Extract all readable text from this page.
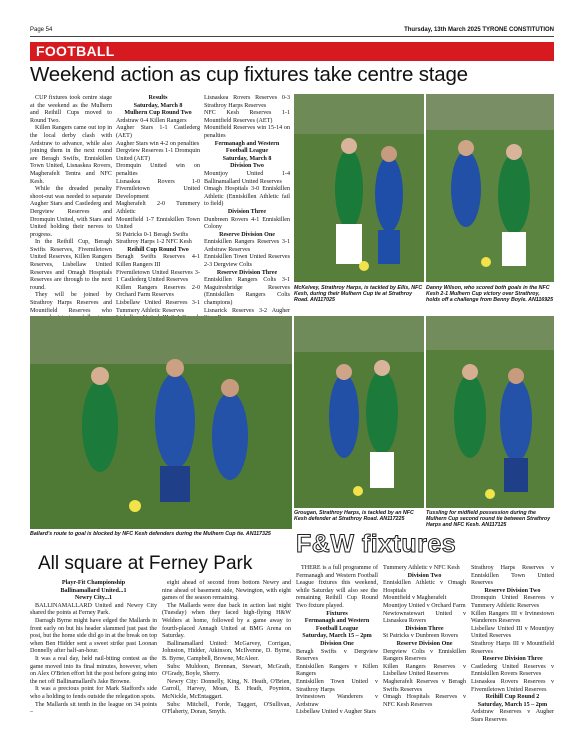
Page 54	Thursday, 13th March 2025 TYRONE CONSTITUTION
FOOTBALL
Weekend action as cup fixtures take centre stage

CUP fixtures took centre stage at the weekend as the Mulhern and Reihill Cups moved to Round Two.

Killen Rangers came out top in the local derby clash with Ardstraw to advance, while also joining them in the next round are Beragh Swifts, Enniskillen Town United, Lisnaskea Rovers, Magherafelt Tentra and NFC Kesh.

While the dreaded penalty shoot-out was needed to separate Augher Stars and Castlederg and Dergview Reserves and Dromquin United, with Stars and United holding their nerves to progress.

In the Reihill Cup, Beragh Swifts Reserves, Fivemiletown United Reserves, Killen Rangers Reserves, Lisbellaw United Reserves and Omagh Hospitals Reserves are through to the next round.

They will be joined by Strathroy Harps Reserves and Mountfield Reserves who

Results

Saturday, March 8

Mulhern Cup Round Two

Ardstraw 0-4 Killen Rangers

Augher Stars 1-1 Castlederg (AET)

Augher Stars win 4-2 on penalties

Dergview Reserves 1-1 Dromquin United (AET)

Dromquin United win on penalties

Lisnaskea Rovers 1-0 Fivemiletown United Development

Magherafelt 2-0 Tummery Athletic

Mountfield 1-7 Enniskillen Town United

St Patricks 0-1 Beragh Swifts

Strathroy Harps 1-2 NFC Kesh

Reihill Cup Round Two

Beragh Swifts Reserves 4-1 Killen Rangers III

Fivemiletown United Reserves 3-1 Castlederg United Reserves

Killen Rangers Reserves 2-0 Orchard Farm Reserves

Lisbellaw United Reserves 3-1 Tummery Athletic Reserves

Lisnaskea Rovers Reserves 0-3 Strathroy Harps Reserves

NFC Kesh Reserves 1-1 Mountfield Reserves (AET)

Mountfield Reserves win 15-14 on penalties

Fermanagh and Western Football League

Saturday, March 8

Division Two

Mountjoy United 1-4 Ballinamallard United Reserves

Omagh Hospitals 3-0 Enniskillen Athletic (Enniskillen Athletic fail to field)

Division Three

Dunbreen Rovers 4-1 Enniskillen Colony

Reserve Division One

Enniskillen Rangers Reserves 3-1 Ardstraw Reserves

Enniskillen Town United Reserves 2-3 Dergview Colts

Reserve Division Three

Enniskillen Rangers Colts 3-1 Maguiresbridge Reserves (Enniskillen Rangers Colts champions)

Lisnarick Reserves 3-2 Augher

McKelvey, Strathroy Harps, is tackled by Ellis, NFC Kesh, during their Mulhern Cup tie at Strathroy Road. AN117025
Danny Wilson, who scored both goals in the NFC Kesh 2-1 Mulhern Cup victory over Strathroy, holds off a challenge from Benny Boyle. AN116925
Ballard's route to goal is blocked by NFC Kesh defenders during the Mulhern Cup tie. AN117325
Grougan, Strathroy Harps, is tackled by an NFC Kesh defender at Strathroy Road. AN117225
Tussling for midfield possession during the Mulhern Cup second round tie between Strathroy Harps and NFC Kesh. AN117125
All square at Ferney Park

Playr-Fit Championship

Ballinamallard United...1

Newry City...1

BALLINAMALLARD United and Newry City shared the points at Ferney Park.

Darragh Byrne might have edged the Mallards in front early on but his header slammed just past the post, but the home side did go in at the break on top when Ben Hidder sent a sweet strike past Loonan Donnelly after half-an-hour.

It was a real day, held nail-biting contest as the game moved into its final minutes, however, when on Alex O'Brien effort hit the post before going into the net off Ballinamallard's Jake Browne.

It was a precious point for Mark Stafford's side who a holding to fends outside the relegation spots.

The Mallards sit tenth in the league on 34 points –

eight ahead of second from bottom Newry and nine ahead of basement side, Newington, with eight games of the season remaining.

The Mallards were due back in action last night (Tuesday) when they faced high-flying H&W Welders at home, followed by a game away to fourth-placed Annagh United at BMG Arena on Saturday.

Ballinamallard United: McGarvey, Corrigan, Johnston, Hidder, Atkinson, McIlvenne, D. Byrne, B. Byrne, Campbell, Browne, McAleer.

Subs: Muldoon, Brennan, Stewart, McGrath, O'Grady, Boyle, Sherry.

Newry City: Donnelly, King, N. Heath, O'Brien, Carroll, Harvey, Moan, B. Heath, Poynton, McNickle, McEntaggart.

Subs: Mitchell, Forde, Taggert, O'Sullivan, O'Flaherty, Doran, Smyth.

F&W fixtures

THERE is a full programme of Fermanagh and Western Football League fixtures this weekend, while Saturday will also see the remaining Reihill Cup Round Two fixture played.

Fixtures

Fermanagh and Western Football League

Saturday, March 15 – 2pm

Division One

Beragh Swifts v Dergview Reserves

Enniskillen Rangers v Killen Rangers

Enniskillen Town United v Strathroy Harps

Irvinestown Wanderers v Ardstraw

Lisbellaw United v Augher Stars

Tummery Athletic v NFC Kesh

Division Two

Enniskillen Athletic v Omagh Hospitals

Mountfield v Magherafelt

Mountjoy United v Orchard Farm

Newtownstewart United v Lisnaskea Rovers

Division Three

St Patricks v Dunbreen Rovers

Reserve Division One

Dergview Colts v Enniskillen Rangers Reserves

Killen Rangers Reserves v Lisbellaw United Reserves

Magherafelt Reserves v Beragh Swifts Reserves

Omagh Hospitals Reserves v NFC Kesh Reserves

Strathroy Harps Reserves v Enniskillen Town United Reserves

Reserve Division Two

Dromquin United Reserves v Tummery Athletic Reserves

Killen Rangers III v Irvinestown Wanderers Reserves

Lisbellaw United III v Mountjoy United Reserves

Strathroy Harps III v Mountfield Reserves

Reserve Division Three

Castlederg United Reserves v Enniskillen Rovers Reserves

Lisnaskea Rovers Reserves v Fivemiletown United Reserves

Reihill Cup Round 2

Saturday, March 15 – 2pm

Ardstraw Reserves v Augher Stars Reserves
